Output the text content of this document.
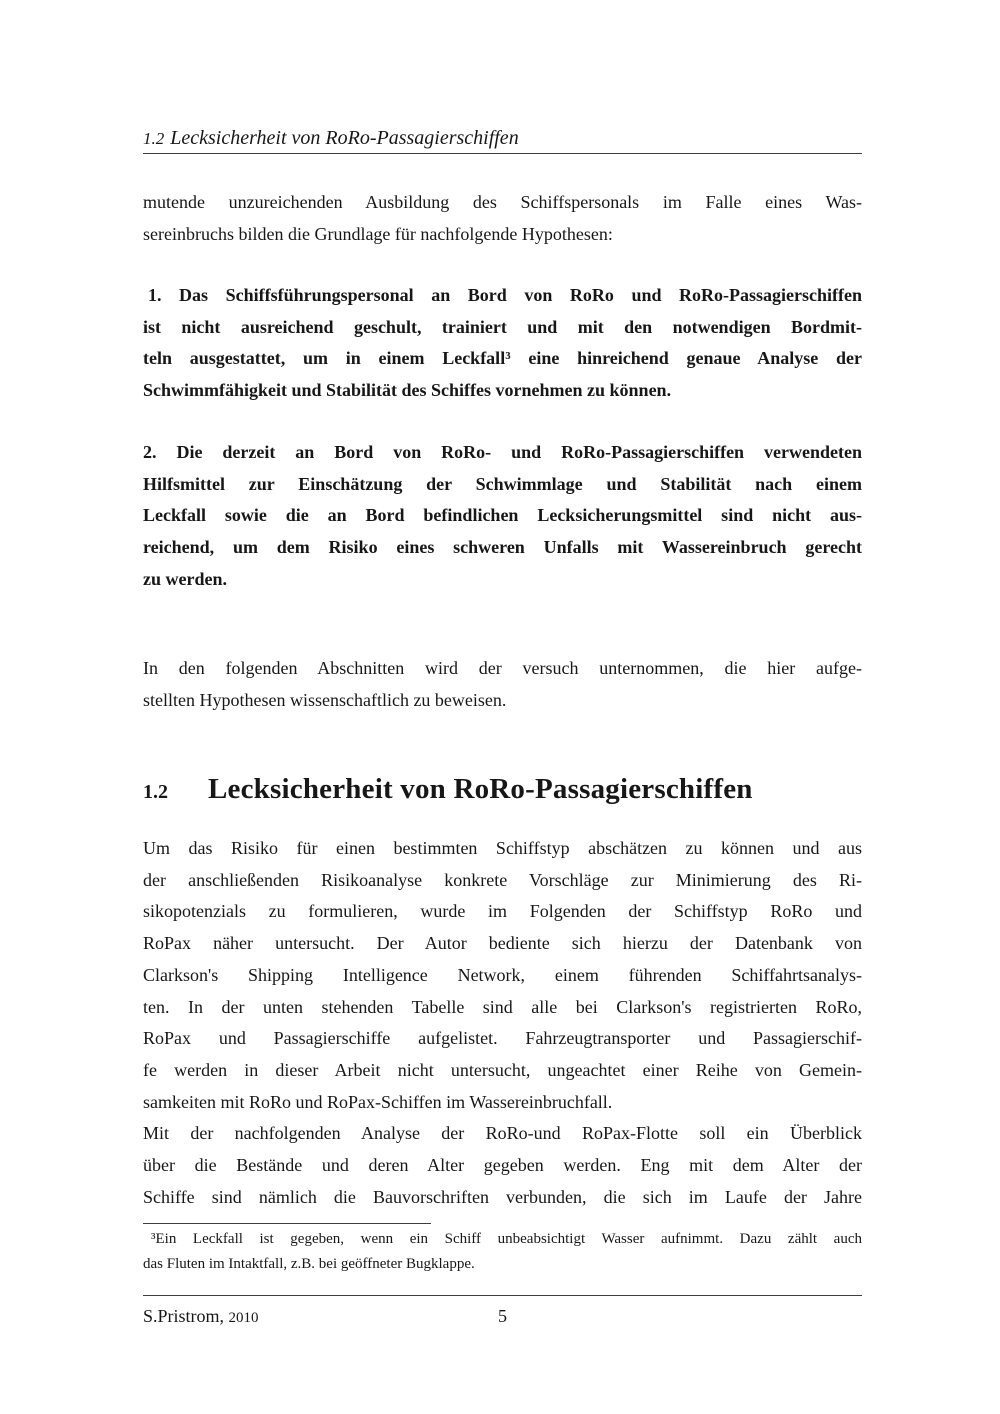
1.2 Lecksicherheit von RoRo-Passagierschiffen
mutende unzureichenden Ausbildung des Schiffspersonals im Falle eines Was-
sereinbruchs bilden die Grundlage für nachfolgende Hypothesen:
1. Das Schiffsführungspersonal an Bord von RoRo und RoRo-Passagierschiffen
ist nicht ausreichend geschult, trainiert und mit den notwendigen Bordmit-
teln ausgestattet, um in einem Leckfall³ eine hinreichend genaue Analyse der
Schwimmfähigkeit und Stabilität des Schiffes vornehmen zu können.
2. Die derzeit an Bord von RoRo- und RoRo-Passagierschiffen verwendeten
Hilfsmittel zur Einschätzung der Schwimmlage und Stabilität nach einem
Leckfall sowie die an Bord befindlichen Lecksicherungsmittel sind nicht aus-
reichend, um dem Risiko eines schweren Unfalls mit Wassereinbruch gerecht
zu werden.
In den folgenden Abschnitten wird der versuch unternommen, die hier aufge-
stellten Hypothesen wissenschaftlich zu beweisen.
1.2	Lecksicherheit von RoRo-Passagierschiffen
Um das Risiko für einen bestimmten Schiffstyp abschätzen zu können und aus
der anschließenden Risikoanalyse konkrete Vorschläge zur Minimierung des Ri-
sikopotenzials zu formulieren, wurde im Folgenden der Schiffstyp RoRo und
RoPax näher untersucht. Der Autor bediente sich hierzu der Datenbank von
Clarkson's Shipping Intelligence Network, einem führenden Schiffahrtsanalys-
ten. In der unten stehenden Tabelle sind alle bei Clarkson's registrierten RoRo,
RoPax und Passagierschiffe aufgelistet. Fahrzeugtransporter und Passagierschif-
fe werden in dieser Arbeit nicht untersucht, ungeachtet einer Reihe von Gemein-
samkeiten mit RoRo und RoPax-Schiffen im Wassereinbruchfall.
Mit der nachfolgenden Analyse der RoRo-und RoPax-Flotte soll ein Überblick
über die Bestände und deren Alter gegeben werden. Eng mit dem Alter der
Schiffe sind nämlich die Bauvorschriften verbunden, die sich im Laufe der Jahre
³Ein Leckfall ist gegeben, wenn ein Schiff unbeabsichtigt Wasser aufnimmt. Dazu zählt auch
das Fluten im Intaktfall, z.B. bei geöffneter Bugklappe.
S.Pristrom, 2010	5
